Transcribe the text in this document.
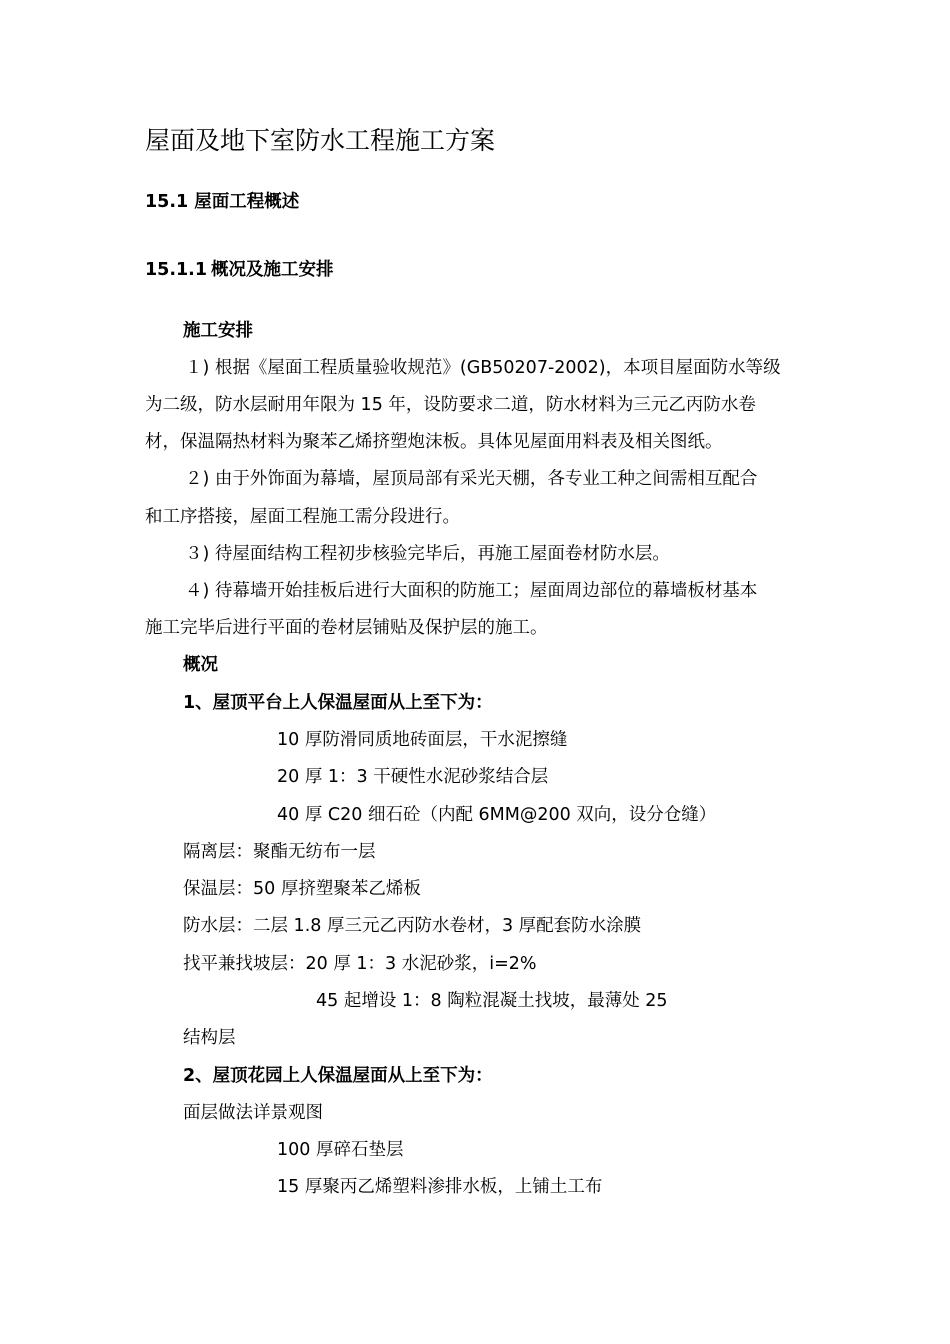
屋面及地下室防水工程施工方案
15.1 屋面工程概述
15.1.1 概况及施工安排
施工安排
１) 根据《屋面工程质量验收规范》(GB50207-2002)，本项目屋面防水等级
为二级，防水层耐用年限为 15 年，设防要求二道，防水材料为三元乙丙防水卷
材，保温隔热材料为聚苯乙烯挤塑炮沫板。具体见屋面用料表及相关图纸。
２) 由于外饰面为幕墙，屋顶局部有采光天棚，各专业工种之间需相互配合
和工序搭接，屋面工程施工需分段进行。
３) 待屋面结构工程初步核验完毕后，再施工屋面卷材防水层。
４) 待幕墙开始挂板后进行大面积的防施工；屋面周边部位的幕墙板材基本
施工完毕后进行平面的卷材层铺贴及保护层的施工。
概况
1、屋顶平台上人保温屋面从上至下为：
10 厚防滑同质地砖面层，干水泥擦缝
20 厚 1：3 干硬性水泥砂浆结合层
40 厚 C20 细石砼（内配 6MM@200 双向，设分仓缝）
隔离层：聚酯无纺布一层
保温层：50 厚挤塑聚苯乙烯板
防水层：二层 1.8 厚三元乙丙防水卷材，3 厚配套防水涂膜
找平兼找坡层：20 厚 1：3 水泥砂浆，i=2%
45 起增设 1：8 陶粒混凝土找坡，最薄处 25
结构层
2、屋顶花园上人保温屋面从上至下为：
面层做法详景观图
100 厚碎石垫层
15 厚聚丙乙烯塑料渗排水板，上铺土工布
